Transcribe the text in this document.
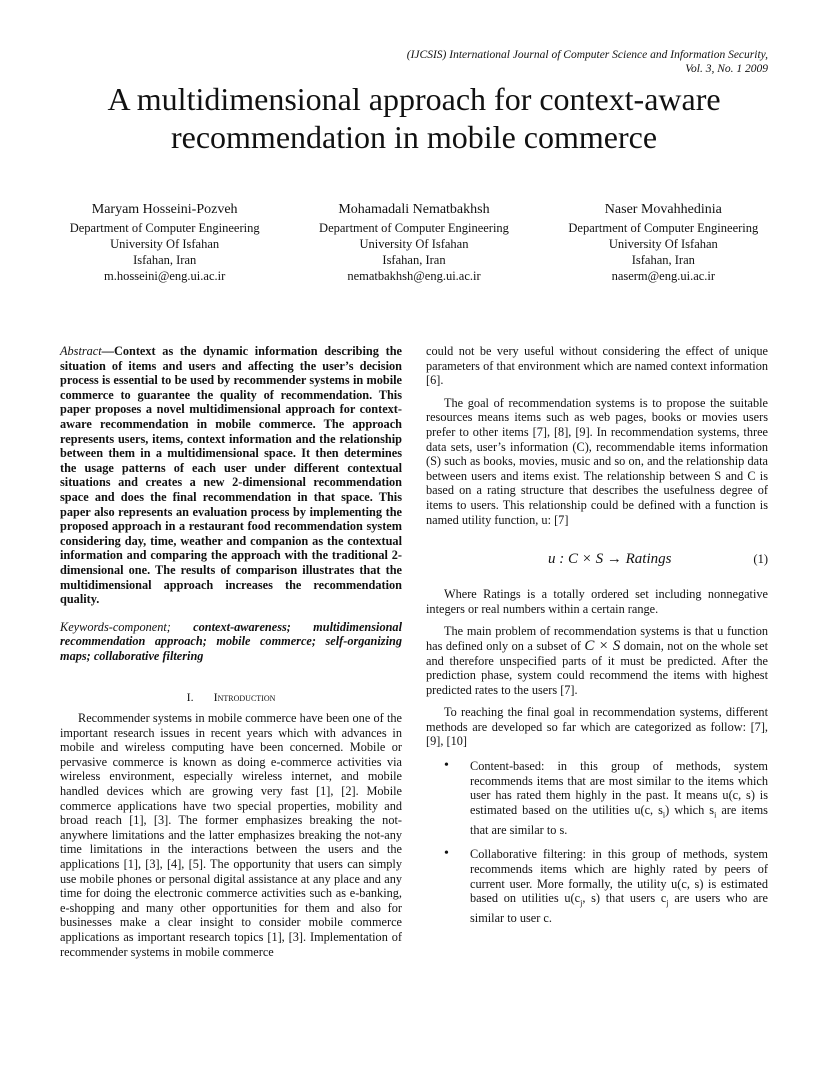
(IJCSIS) International Journal of Computer Science and Information Security,
Vol. 3, No. 1 2009
A multidimensional approach for context-aware
recommendation in mobile commerce
Maryam Hosseini-Pozveh
Department of Computer Engineering
University Of Isfahan
Isfahan, Iran
m.hosseini@eng.ui.ac.ir
Mohamadali Nematbakhsh
Department of Computer Engineering
University Of Isfahan
Isfahan, Iran
nematbakhsh@eng.ui.ac.ir
Naser Movahhedinia
Department of Computer Engineering
University Of Isfahan
Isfahan, Iran
naserm@eng.ui.ac.ir

Abstract—Context as the dynamic information describing the situation of items and users and affecting the user’s decision process is essential to be used by recommender systems in mobile commerce to guarantee the quality of recommendation. This paper proposes a novel multidimensional approach for context-aware recommendation in mobile commerce. The approach represents users, items, context information and the relationship between them in a multidimensional space. It then determines the usage patterns of each user under different contextual situations and creates a new 2-dimensional recommendation space and does the final recommendation in that space. This paper also represents an evaluation process by implementing the proposed approach in a restaurant food recommendation system considering day, time, weather and companion as the contextual information and comparing the approach with the traditional 2-dimensional one. The results of comparison illustrates that the multidimensional approach increases the recommendation quality.

Keywords-component; context-awareness; multidimensional recommendation approach; mobile commerce; self-organizing maps; collaborative filtering

I. Introduction

Recommender systems in mobile commerce have been one of the important research issues in recent years which with advances in mobile and wireless computing have been concerned. Mobile or pervasive commerce is known as doing e-commerce activities via wireless environment, especially wireless internet, and mobile handled devices which are growing very fast [1], [2]. Mobile commerce applications have two special properties, mobility and broad reach [1], [3]. The former emphasizes breaking the not-anywhere limitations and the latter emphasizes breaking the not-any time limitations in the interactions between the users and the applications [1], [3], [4], [5]. The opportunity that users can simply use mobile phones or personal digital assistance at any place and any time for doing the electronic commerce activities such as e-banking, e-shopping and many other opportunities for them and also for businesses make a clear insight to consider mobile commerce applications as important research topics [1], [3]. Implementation of recommender systems in mobile commerce

could not be very useful without considering the effect of unique parameters of that environment which are named context information [6].

The goal of recommendation systems is to propose the suitable resources means items such as web pages, books or movies users prefer to other items [7], [8], [9]. In recommendation systems, three data sets, user’s information (C), recommendable items information (S) such as books, movies, music and so on, and the relationship data between users and items exist. The relationship between S and C is based on a rating structure that describes the usefulness degree of items to users. This relationship could be defined with a function is named utility function, u: [7]

u : C × S → Ratings	(1)

Where Ratings is a totally ordered set including nonnegative integers or real numbers within a certain range.

The main problem of recommendation systems is that u function has defined only on a subset of C × S domain, not on the whole set and therefore unspecified parts of it must be predicted. After the prediction phase, system could recommend the items with highest predicted rates to the users [7].

To reaching the final goal in recommendation systems, different methods are developed so far which are categorized as follow: [7], [9], [10]

• Content-based: in this group of methods, system recommends items that are most similar to the items which user has rated them highly in the past. It means u(c, s) is estimated based on the utilities u(c, $s_i$) which $s_i$ are items that are similar to s.
• Collaborative filtering: in this group of methods, system recommends items which are highly rated by peers of current user. More formally, the utility u(c, s) is estimated based on utilities $u(c_j$, s) that users $c_j$ are users who are similar to user c.
